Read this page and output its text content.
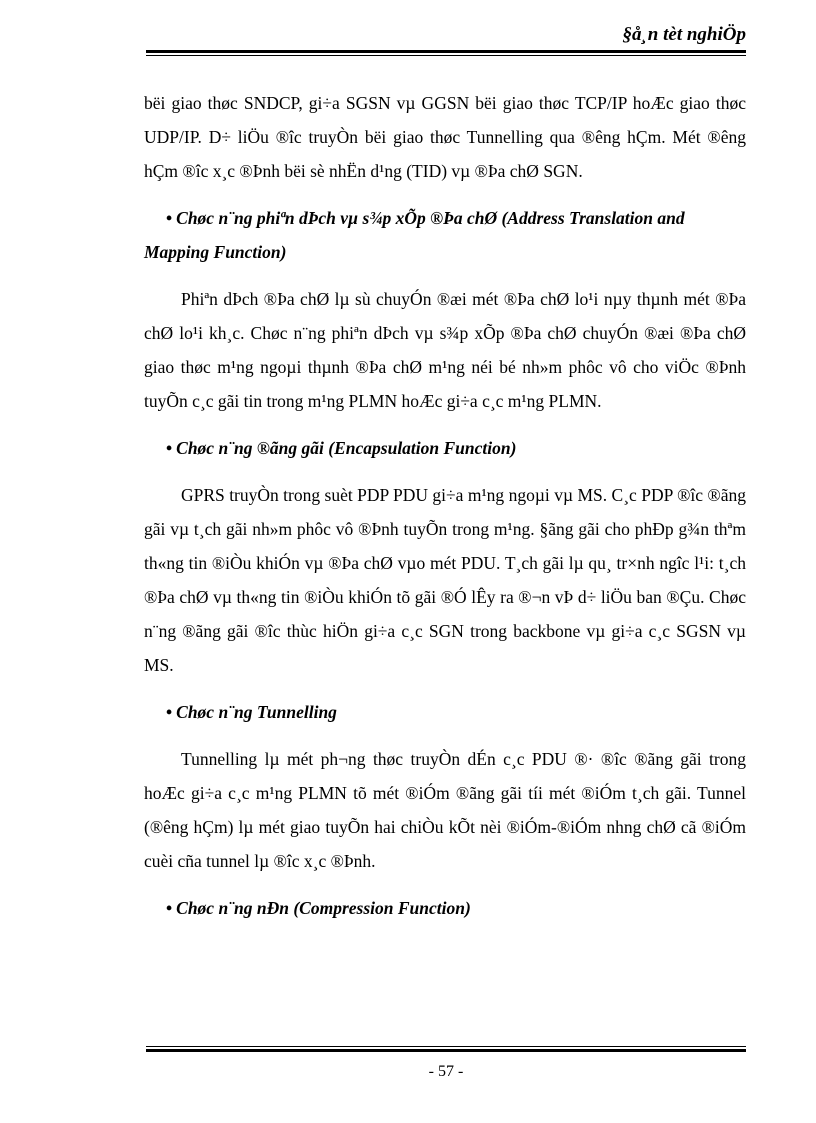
§å¸n tèt nghiÖp

bëi giao thøc SNDCP, gi÷a SGSN vµ GGSN bëi giao thøc TCP/IP hoÆc giao thøc UDP/IP. D÷ liÖu ®îc truyÒn bëi giao thøc Tunnelling qua ®êng hÇm. Mét ®êng hÇm ®îc x¸c ®Þnh bëi sè nhËn d¹ng (TID) vµ ®Þa chØ SGN.

• Chøc n¨ng phiªn dÞch vµ s¾p xÕp ®Þa chØ (Address Translation and Mapping Function)

Phiªn dÞch ®Þa chØ lµ sù chuyÓn ®æi mét ®Þa chØ lo¹i nµy thµnh mét ®Þa chØ lo¹i kh¸c. Chøc n¨ng phiªn dÞch vµ s¾p xÕp ®Þa chØ chuyÓn ®æi ®Þa chØ giao thøc m¹ng ngoµi thµnh ®Þa chØ m¹ng néi bé nh»m phôc vô cho viÖc ®Þnh tuyÕn c¸c gãi tin trong m¹ng PLMN hoÆc gi÷a c¸c m¹ng PLMN.

• Chøc n¨ng ®ãng gãi (Encapsulation Function)

GPRS truyÒn trong suèt PDP PDU gi÷a m¹ng ngoµi vµ MS. C¸c PDP ®îc ®ãng gãi vµ t¸ch gãi nh»m phôc vô ®Þnh tuyÕn trong m¹ng. §ãng gãi cho phÐp g¾n thªm th«ng tin ®iÒu khiÓn vµ ®Þa chØ vµo mét PDU. T¸ch gãi lµ qu¸ tr×nh ngîc l¹i: t¸ch ®Þa chØ vµ th«ng tin ®iÒu khiÓn tõ gãi ®Ó lÊy ra ®¬n vÞ d÷ liÖu ban ®Çu. Chøc n¨ng ®ãng gãi ®îc thùc hiÖn gi÷a c¸c SGN trong backbone vµ gi÷a c¸c SGSN vµ MS.

• Chøc n¨ng Tunnelling

Tunnelling lµ mét ph¬ng thøc truyÒn dÉn c¸c PDU ®· ®îc ®ãng gãi trong hoÆc gi÷a c¸c m¹ng PLMN tõ mét ®iÓm ®ãng gãi tíi mét ®iÓm t¸ch gãi. Tunnel (®êng hÇm) lµ mét giao tuyÕn hai chiÒu kÕt nèi ®iÓm-®iÓm nhng chØ cã ®iÓm cuèi cña tunnel lµ ®îc x¸c ®Þnh.

• Chøc n¨ng nÐn (Compression Function)

- 57 -
